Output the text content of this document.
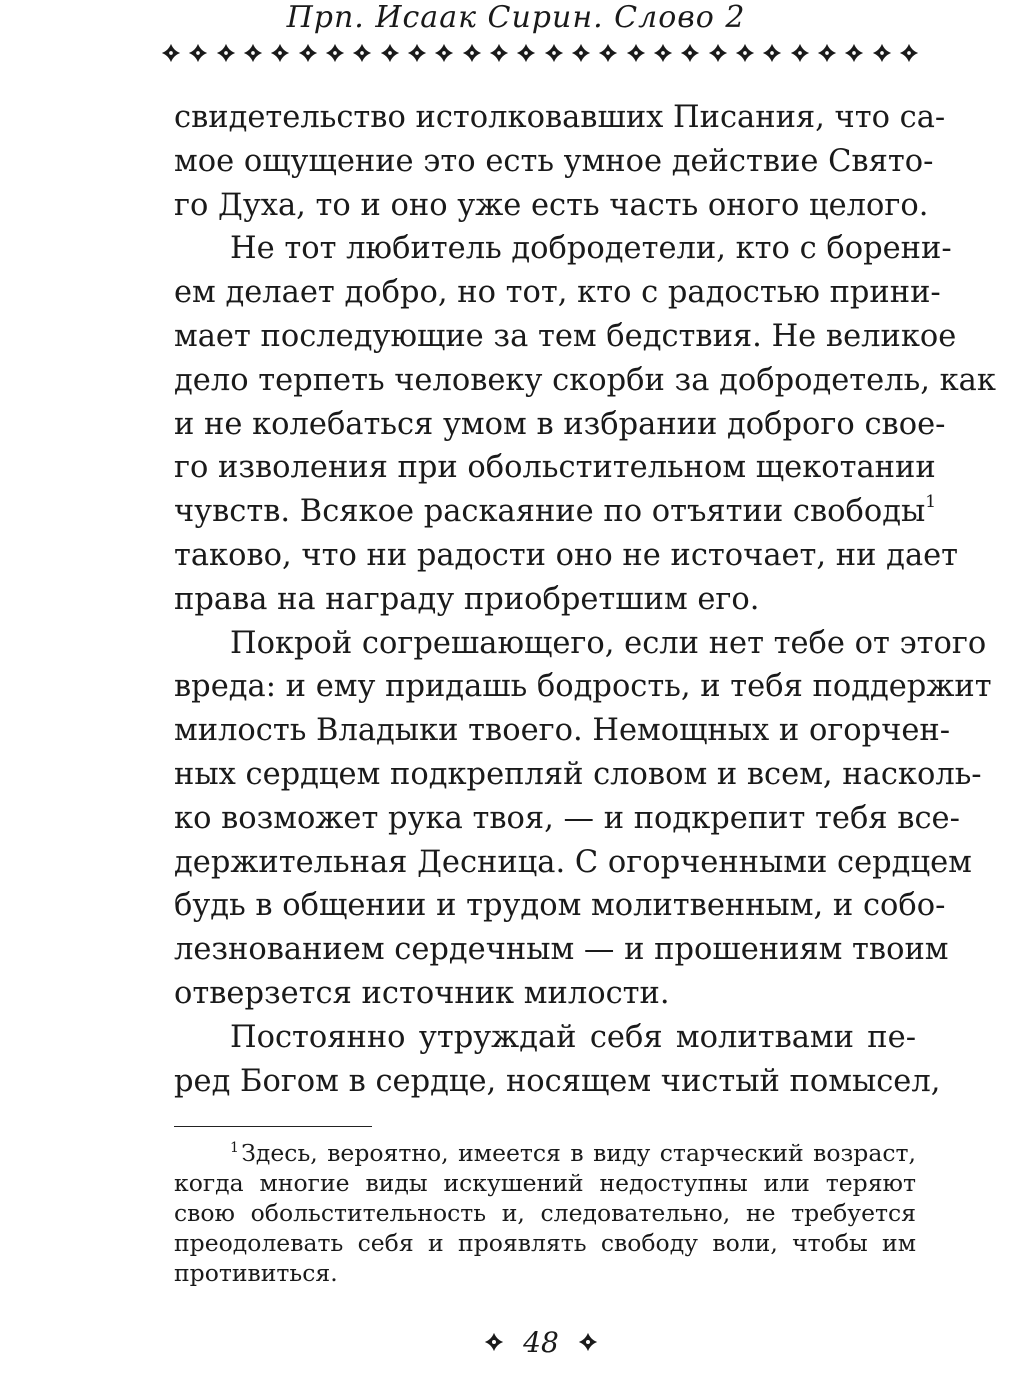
Прп. Исаак Сирин. Слово 2
свидетельство истолковавших Писания, что са-
мое ощущение это есть умное действие Свято-
го Духа, то и оно уже есть часть оного целого.
Не тот любитель добродетели, кто с борени-
ем делает добро, но тот, кто с радостью прини-
мает последующие за тем бедствия. Не великое
дело терпеть человеку скорби за добродетель, как
и не колебаться умом в избрании доброго свое-
го изволения при обольстительном щекотании
чувств. Всякое раскаяние по отъятии свободы$^1$
таково, что ни радости оно не источает, ни дает
права на награду приобретшим его.
Покрой согрешающего, если нет тебе от этого
вреда: и ему придашь бодрость, и тебя поддержит
милость Владыки твоего. Немощных и огорчен-
ных сердцем подкрепляй словом и всем, насколь-
ко возможет рука твоя, — и подкрепит тебя все-
держительная Десница. С огорченными сердцем
будь в общении и трудом молитвенным, и собо-
лезнованием сердечным — и прошениям твоим
отверзется источник милости.
Постоянно утруждай себя молитвами пе-
ред Богом в сердце, носящем чистый помысел,
$^1$ Здесь, вероятно, имеется в виду старческий возраст,
когда многие виды искушений недоступны или теряют
свою обольстительность и, следовательно, не требуется
преодолевать себя и проявлять свободу воли, чтобы им
противиться.
48
